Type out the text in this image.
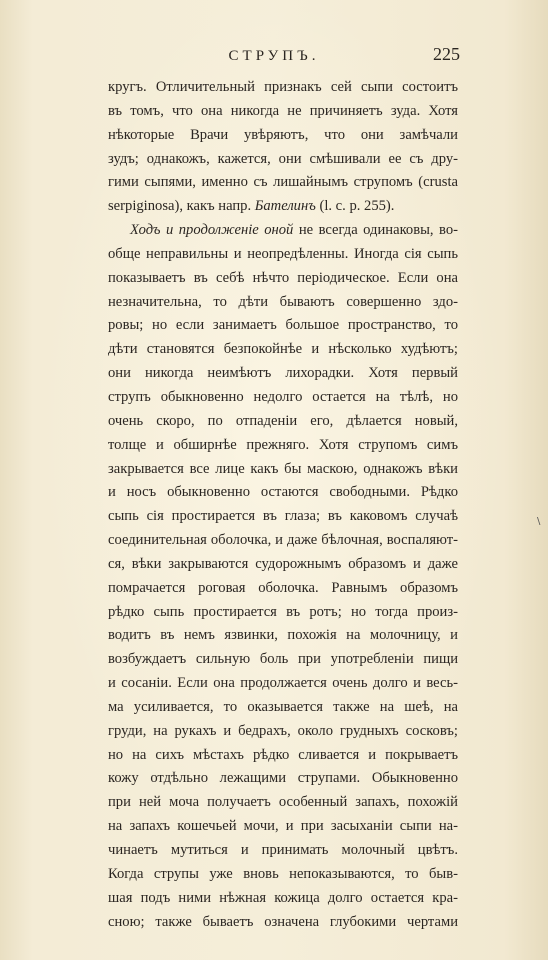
СТРУПЪ.	225
кругъ. Отличительный признакъ сей сыпи состоитъ
въ томъ, что она никогда не причиняетъ зуда. Хотя
нѣкоторые Врачи увѣряютъ, что они замѣчали
зудъ; однакожъ, кажется, они смѣшивали ее съ дру-
гими сыпями, именно съ лишайнымъ струпомъ (crusta
serpiginosa), какъ напр. Бателинъ (l. c. p. 255).
Ходъ и продолженіе оной не всегда одинаковы, во-
обще неправильны и неопредѣленны. Иногда сія сыпь
показываетъ въ себѣ нѣчто періодическое. Если она
незначительна, то дѣти бываютъ совершенно здо-
ровы; но если занимаетъ большое пространство, то
дѣти становятся безпокойнѣе и нѣсколько худѣютъ;
они никогда неимѣютъ лихорадки. Хотя первый
струпъ обыкновенно недолго остается на тѣлѣ, но
очень скоро, по отпаденіи его, дѣлается новый,
толще и обширнѣе прежняго. Хотя струпомъ симъ
закрывается все лице какъ бы маскою, однакожъ вѣки
и носъ обыкновенно остаются свободными. Рѣдко
сыпь сія простирается въ глаза; въ каковомъ случаѣ
соединительная оболочка, и даже бѣлочная, воспаляют-
ся, вѣки закрываются судорожнымъ образомъ и даже
помрачается роговая оболочка. Равнымъ образомъ
рѣдко сыпь простирается въ ротъ; но тогда произ-
водитъ въ немъ язвинки, похожія на молочницу, и
возбуждаетъ сильную боль при употребленіи пищи
и сосаніи. Если она продолжается очень долго и весь-
ма усиливается, то оказывается также на шеѣ, на
груди, на рукахъ и бедрахъ, около грудныхъ сосковъ;
но на сихъ мѣстахъ рѣдко сливается и покрываетъ
кожу отдѣльно лежащими струпами. Обыкновенно
при ней моча получаетъ особенный запахъ, похожій
на запахъ кошечьей мочи, и при засыханіи сыпи на-
чинаетъ мутиться и принимать молочный цвѣтъ.
Когда струпы уже вновь непоказываются, то быв-
шая подъ ними нѣжная кожица долго остается кра-
сною; также бываетъ означена глубокими чертами
\
